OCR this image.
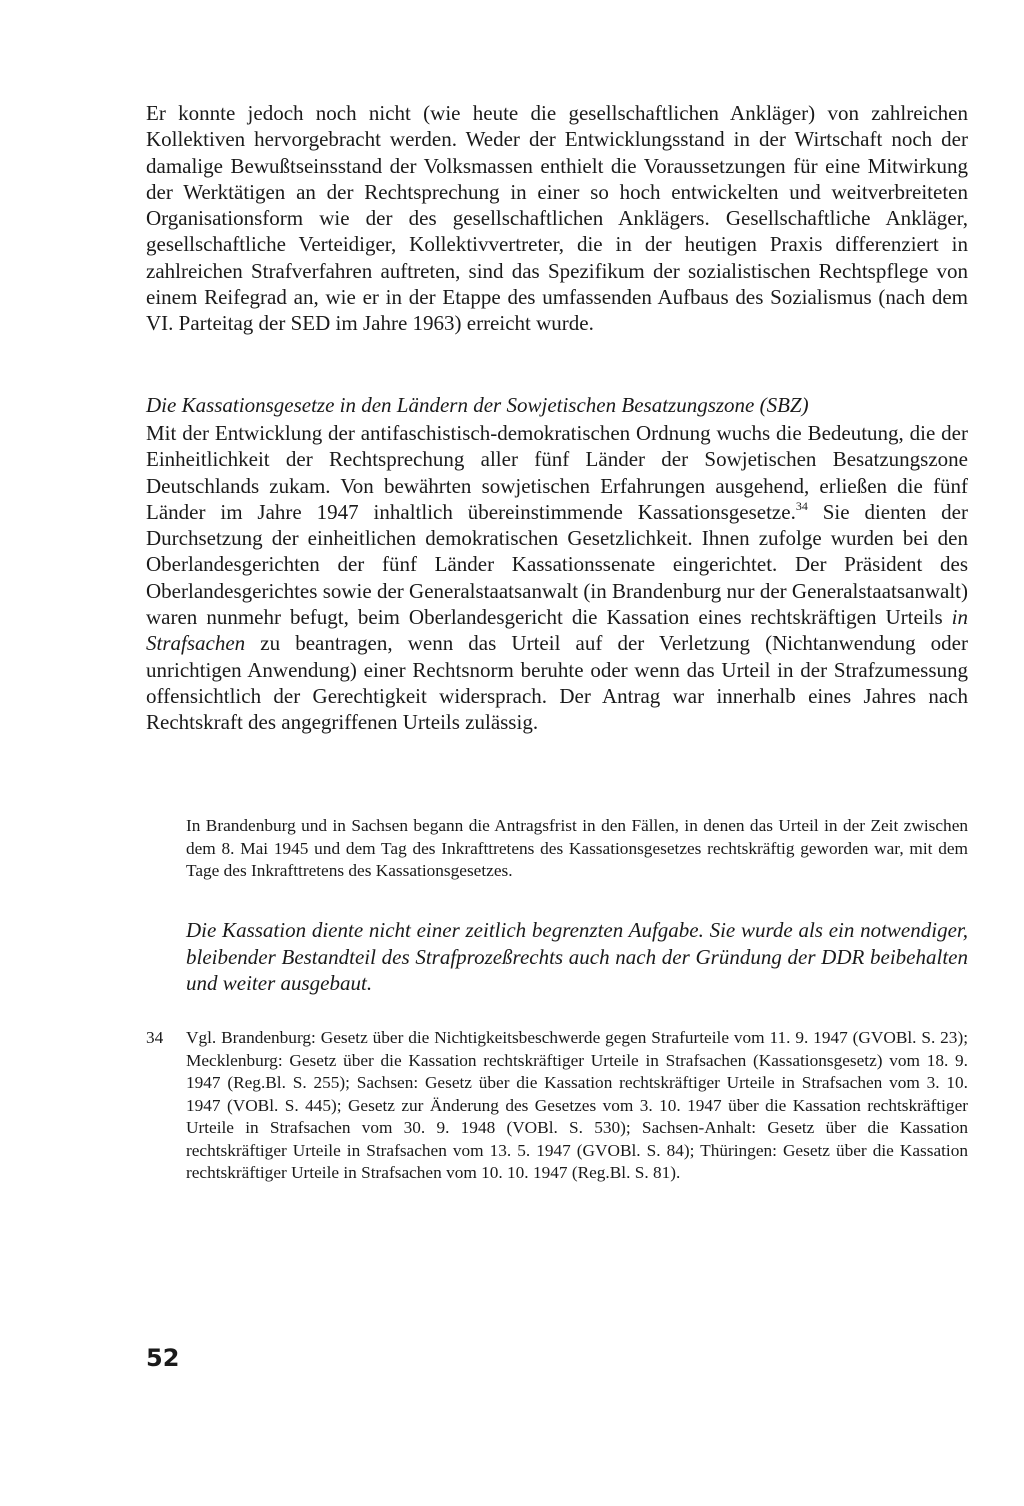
Er konnte jedoch noch nicht (wie heute die gesellschaftlichen Ankläger) von zahlreichen Kollektiven hervorgebracht werden. Weder der Entwicklungsstand in der Wirtschaft noch der damalige Bewußtseinsstand der Volksmassen enthielt die Voraussetzungen für eine Mitwirkung der Werktätigen an der Rechtsprechung in einer so hoch entwickelten und weitverbreiteten Organisationsform wie der des gesellschaftlichen Anklägers. Gesellschaftliche Ankläger, gesellschaftliche Verteidiger, Kollektivvertreter, die in der heutigen Praxis differenziert in zahlreichen Strafverfahren auftreten, sind das Spezifikum der sozialistischen Rechtspflege von einem Reifegrad an, wie er in der Etappe des umfassenden Aufbaus des Sozialismus (nach dem VI. Parteitag der SED im Jahre 1963) erreicht wurde.

Die Kassationsgesetze in den Ländern der Sowjetischen Besatzungszone (SBZ)

Mit der Entwicklung der antifaschistisch-demokratischen Ordnung wuchs die Bedeutung, die der Einheitlichkeit der Rechtsprechung aller fünf Länder der Sowjetischen Besatzungszone Deutschlands zukam. Von bewährten sowjetischen Erfahrungen ausgehend, erließen die fünf Länder im Jahre 1947 inhaltlich übereinstimmende Kassationsgesetze.$^{34}$ Sie dienten der Durchsetzung der einheitlichen demokratischen Gesetzlichkeit. Ihnen zufolge wurden bei den Oberlandesgerichten der fünf Länder Kassationssenate eingerichtet. Der Präsident des Oberlandesgerichtes sowie der Generalstaatsanwalt (in Brandenburg nur der Generalstaatsanwalt) waren nunmehr befugt, beim Oberlandesgericht die Kassation eines rechtskräftigen Urteils in Strafsachen zu beantragen, wenn das Urteil auf der Verletzung (Nichtanwendung oder unrichtigen Anwendung) einer Rechtsnorm beruhte oder wenn das Urteil in der Strafzumessung offensichtlich der Gerechtigkeit widersprach. Der Antrag war innerhalb eines Jahres nach Rechtskraft des angegriffenen Urteils zulässig.

In Brandenburg und in Sachsen begann die Antragsfrist in den Fällen, in denen das Urteil in der Zeit zwischen dem 8. Mai 1945 und dem Tag des Inkrafttretens des Kassationsgesetzes rechtskräftig geworden war, mit dem Tage des Inkrafttretens des Kassationsgesetzes.

Die Kassation diente nicht einer zeitlich begrenzten Aufgabe. Sie wurde als ein notwendiger, bleibender Bestandteil des Strafprozeßrechts auch nach der Gründung der DDR beibehalten und weiter ausgebaut.

34 Vgl. Brandenburg: Gesetz über die Nichtigkeitsbeschwerde gegen Strafurteile vom 11. 9. 1947 (GVOBl. S. 23); Mecklenburg: Gesetz über die Kassation rechtskräftiger Urteile in Strafsachen (Kassationsgesetz) vom 18. 9. 1947 (Reg.Bl. S. 255); Sachsen: Gesetz über die Kassation rechtskräftiger Urteile in Strafsachen vom 3. 10. 1947 (VOBl. S. 445); Gesetz zur Änderung des Gesetzes vom 3. 10. 1947 über die Kassation rechtskräftiger Urteile in Strafsachen vom 30. 9. 1948 (VOBl. S. 530); Sachsen-Anhalt: Gesetz über die Kassation rechtskräftiger Urteile in Strafsachen vom 13. 5. 1947 (GVOBl. S. 84); Thüringen: Gesetz über die Kassation rechtskräftiger Urteile in Strafsachen vom 10. 10. 1947 (Reg.Bl. S. 81).

52
